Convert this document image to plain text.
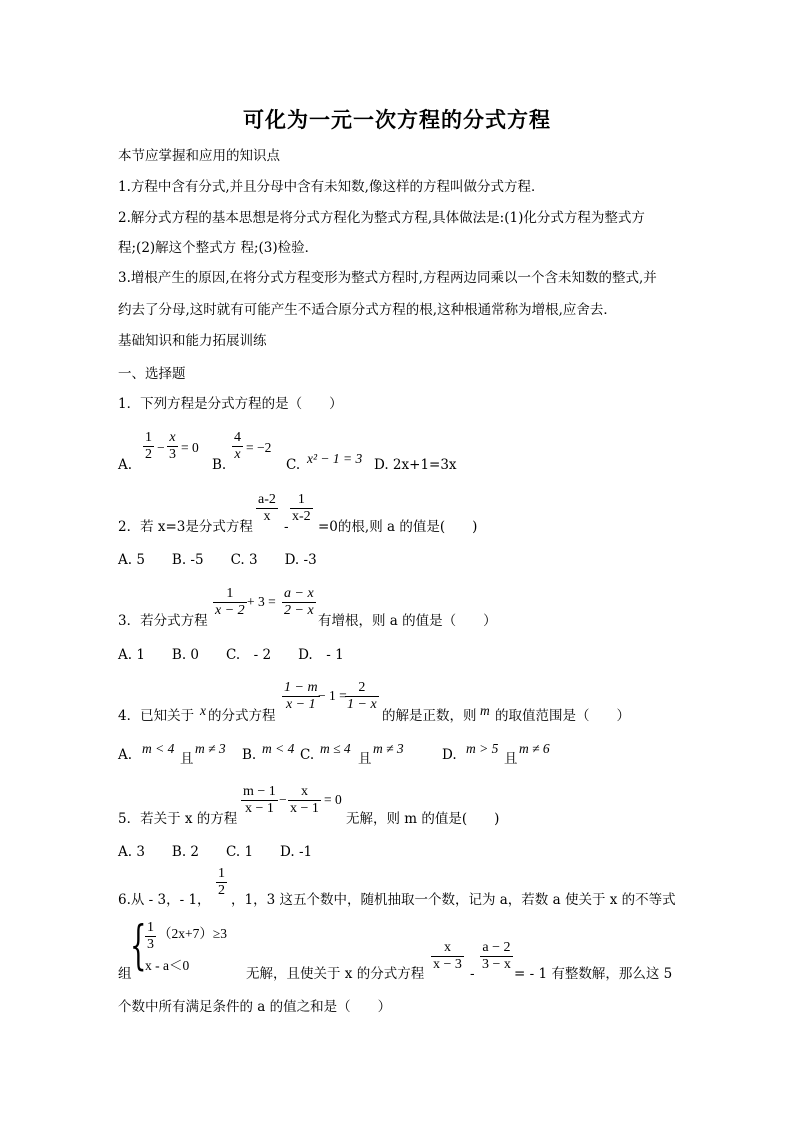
可化为一元一次方程的分式方程
本节应掌握和应用的知识点
1.方程中含有分式,并且分母中含有未知数,像这样的方程叫做分式方程．
2.解分式方程的基本思想是将分式方程化为整式方程,具体做法是:(1)化分式方程为整式方
程;(2)解这个整式方 程;(3)检验．
3.增根产生的原因,在将分式方程变形为整式方程时,方程两边同乘以一个含未知数的整式,并
约去了分母,这时就有可能产生不适合原分式方程的根,这种根通常称为增根,应舍去．
基础知识和能力拓展训练
一、选择题
1．下列方程是分式方程的是（　　）
A.
$\frac{1}{2} - \frac{x}{3} = 0$
B.
$\frac{4}{x} = -2$
C. x² − 1 = 3 D. 2x+1=3x
2．若 x=3是分式方程
$\frac{a-2}{x}$
-
$\frac{1}{x-2}$
=0的根,则 a 的值是(　　)
A. 5　　B. -5　　C. 3　　D. -3
3．若分式方程
$\frac{1}{x - 2} + 3 = \frac{a - x}{2 - x}$
有增根，则 a 的值是（　　）
A. 1　　B. 0　　C.　- 2　　D.　- 1
4．已知关于 x 的分式方程
$\frac{1 - m}{x - 1}$
− 1 =
$\frac{2}{1 - x}$
的解是正数，则 m 的取值范围是（　　）
A. m < 4
且
m ≠ 3 B. m < 4 C. m ≤ 4
且
m ≠ 3	D. m > 5
且
m ≠ 6
5．若关于 x 的方程
$\frac{m - 1}{x - 1} - \frac{x}{x - 1} = 0$
无解，则 m 的值是(　　)
A. 3　　B. 2　　C. 1　　D. -1
6.从 - 3，- 1，
$\frac{1}{2}$
，1，3 这五个数中，随机抽取一个数，记为 a，若数 a 使关于 x 的不等式
组
{
$\frac{1}{3} (2x+7)\ge 3$
x - a＜0
无解，且使关于 x 的分式方程
$\frac{x}{x - 3}$
-
$\frac{a - 2}{3 - x}$
= - 1 有整数解，那么这 5
个数中所有满足条件的 a 的值之和是（　　）
